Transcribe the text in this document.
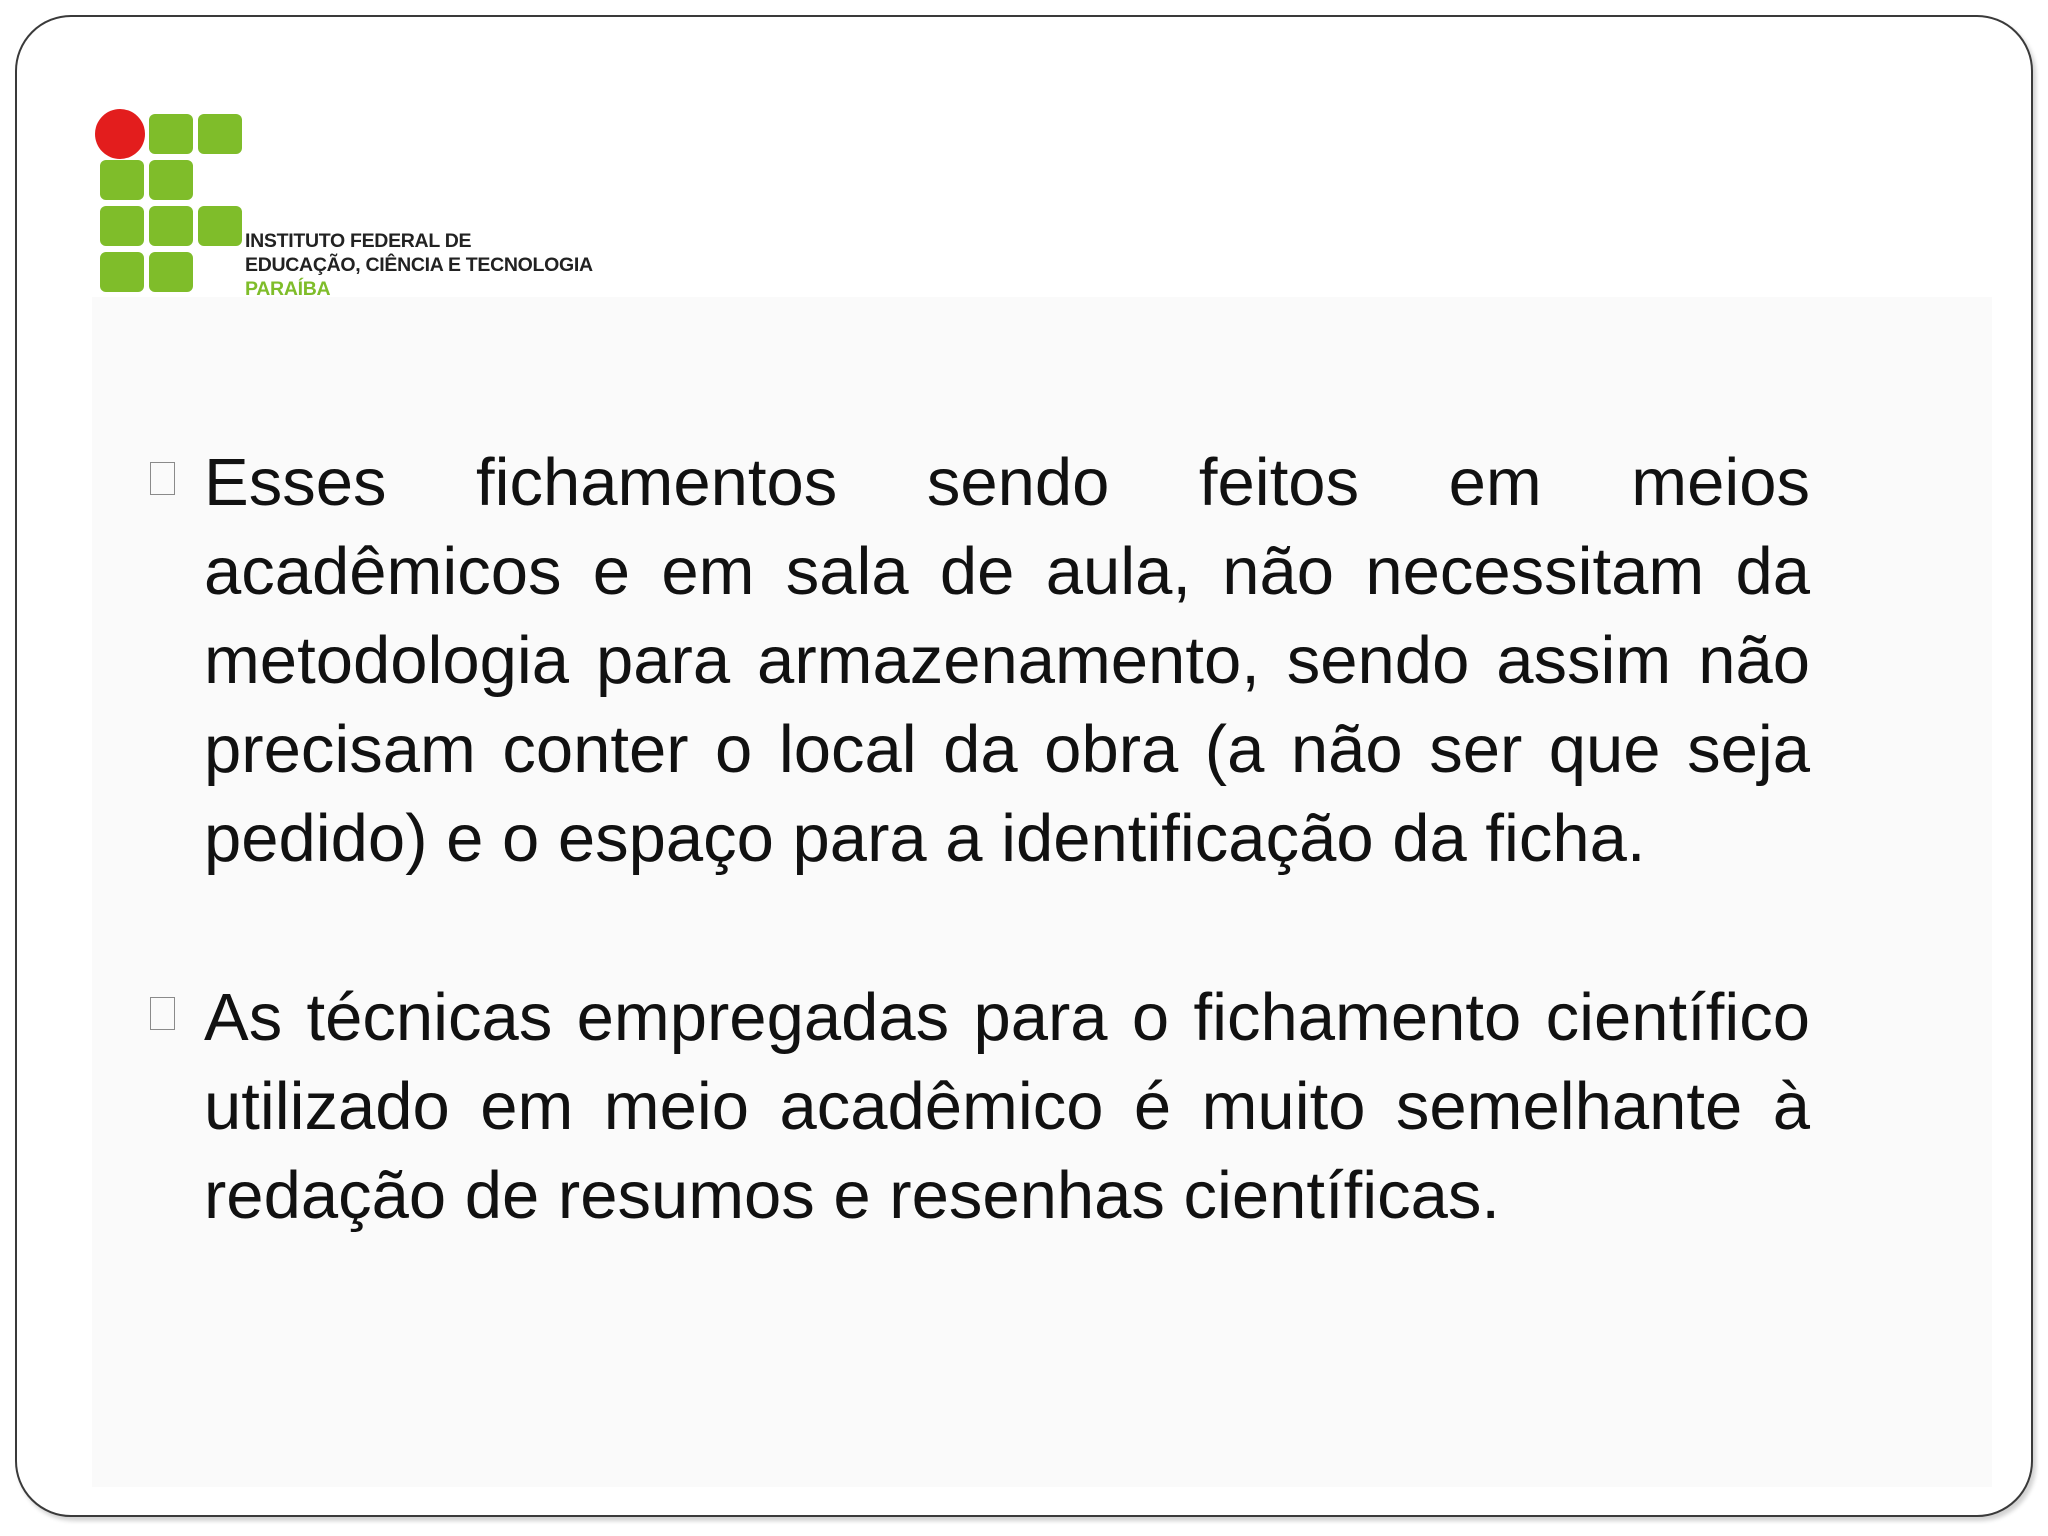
INSTITUTO FEDERAL DE
EDUCAÇÃO, CIÊNCIA E TECNOLOGIA
PARAÍBA
Esses fichamentos sendo feitos em meios acadêmicos e em sala de aula, não necessitam da metodologia para armazenamento, sendo assim não precisam conter o local da obra (a não ser que seja pedido) e o espaço para a identificação da ficha.
As técnicas empregadas para o fichamento científico utilizado em meio acadêmico é muito semelhante à redação de resumos e resenhas científicas.
